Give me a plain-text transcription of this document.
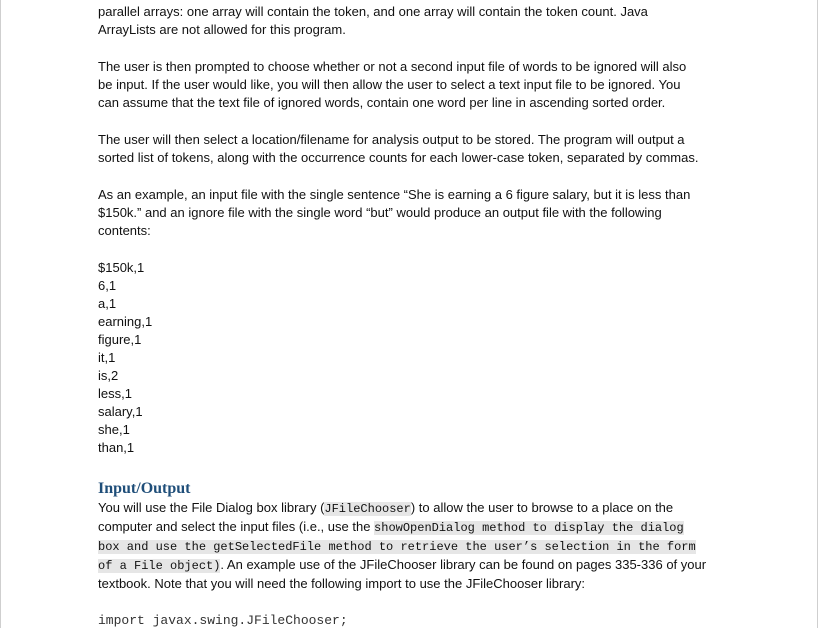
parallel arrays: one array will contain the token, and one array will contain the token count. Java
ArrayLists are not allowed for this program.

The user is then prompted to choose whether or not a second input file of words to be ignored will also
be input. If the user would like, you will then allow the user to select a text input file to be ignored. You
can assume that the text file of ignored words, contain one word per line in ascending sorted order.

The user will then select a location/filename for analysis output to be stored. The program will output a
sorted list of tokens, along with the occurrence counts for each lower-case token, separated by commas.

As an example, an input file with the single sentence “She is earning a 6 figure salary, but it is less than
$150k.” and an ignore file with the single word “but” would produce an output file with the following
contents:

$150k,1
6,1
a,1
earning,1
figure,1
it,1
is,2
less,1
salary,1
she,1
than,1
Input/Output

You will use the File Dialog box library (JFileChooser) to allow the user to browse to a place on the
computer and select the input files (i.e., use the showOpenDialog method to display the dialog
box and use the getSelectedFile method to retrieve the user’s selection in the form
of a File object). An example use of the JFileChooser library can be found on pages 335-336 of your
textbook. Note that you will need the following import to use the JFileChooser library:

import javax.swing.JFileChooser;
